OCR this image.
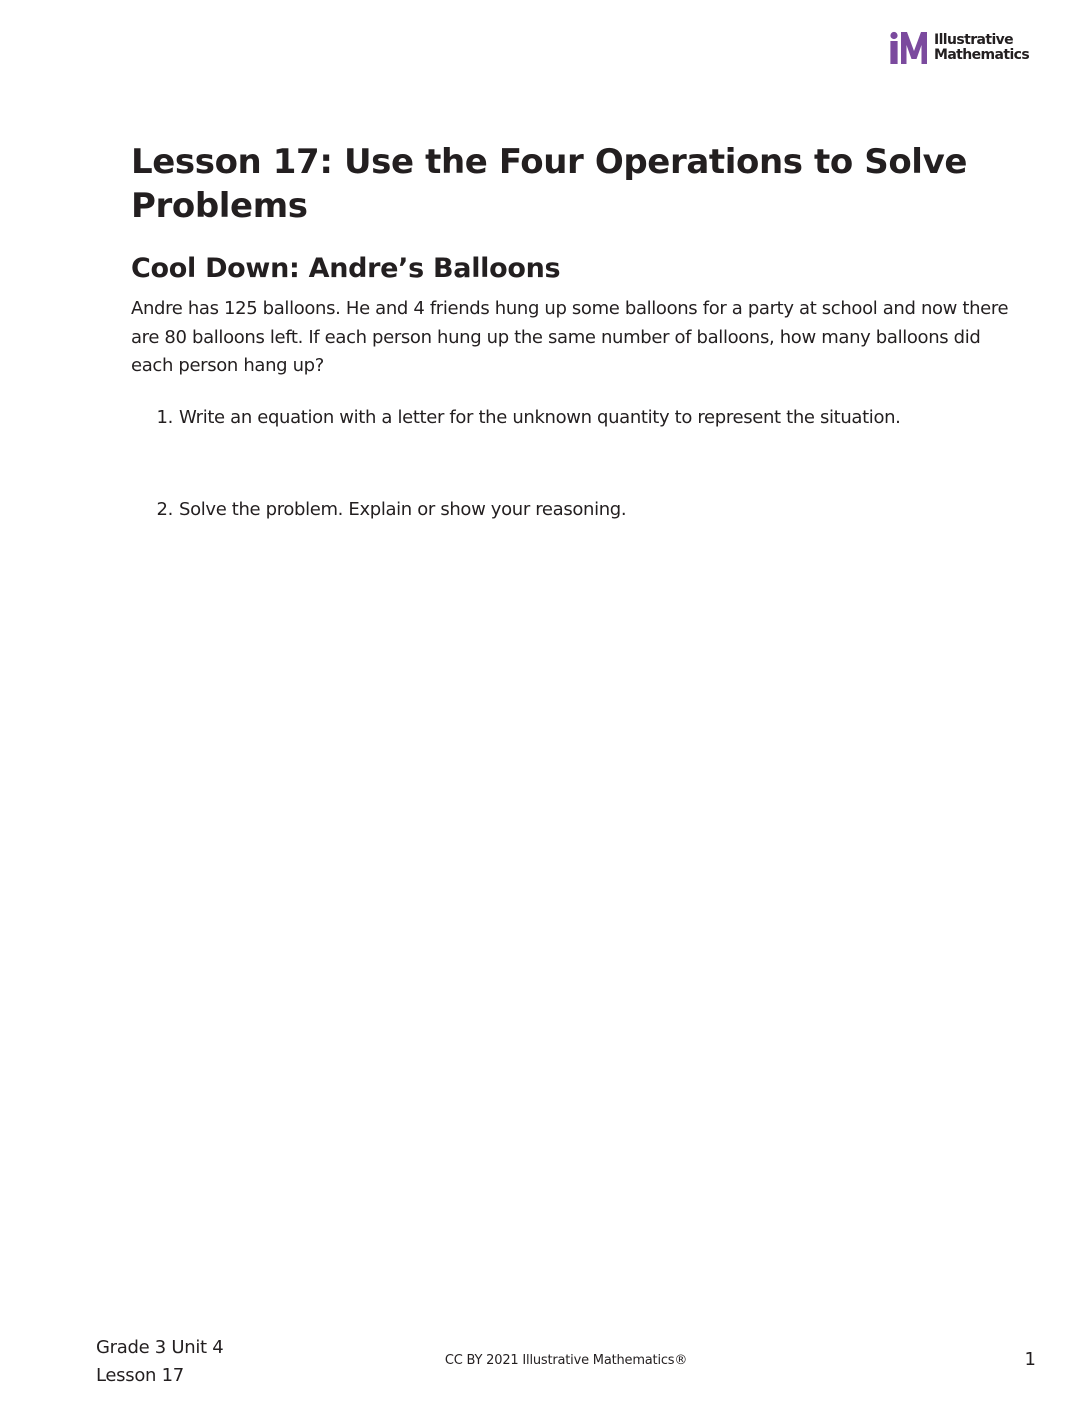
Illustrative
Mathematics
Lesson 17: Use the Four Operations to Solve Problems
Cool Down: Andre’s Balloons

Andre has 125 balloons. He and 4 friends hung up some balloons for a party at school and now there are 80 balloons left. If each person hung up the same number of balloons, how many balloons did each person hang up?

1. Write an equation with a letter for the unknown quantity to represent the situation.
2. Solve the problem. Explain or show your reasoning.
Grade 3 Unit 4
Lesson 17
CC BY 2021 Illustrative Mathematics®	1
